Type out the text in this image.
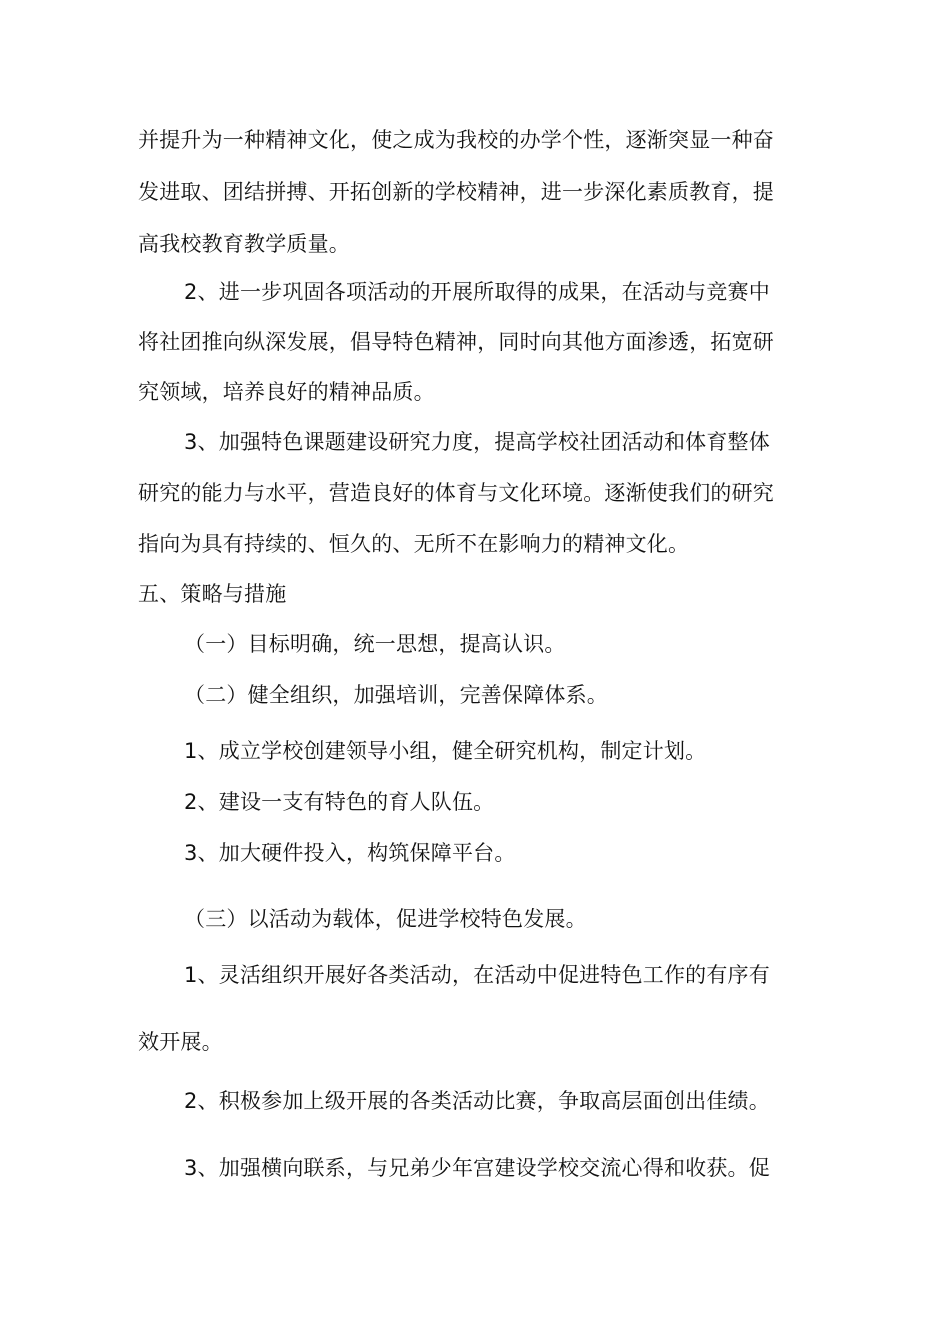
并提升为一种精神文化，使之成为我校的办学个性，逐渐突显一种奋
发进取、团结拼搏、开拓创新的学校精神，进一步深化素质教育，提
高我校教育教学质量。
2、进一步巩固各项活动的开展所取得的成果，在活动与竞赛中
将社团推向纵深发展，倡导特色精神，同时向其他方面渗透，拓宽研
究领域，培养良好的精神品质。
3、加强特色课题建设研究力度，提高学校社团活动和体育整体
研究的能力与水平，营造良好的体育与文化环境。逐渐使我们的研究
指向为具有持续的、恒久的、无所不在影响力的精神文化。
五、策略与措施
（一）目标明确，统一思想，提高认识。
（二）健全组织，加强培训，完善保障体系。
1、成立学校创建领导小组，健全研究机构，制定计划。
2、建设一支有特色的育人队伍。
3、加大硬件投入，构筑保障平台。
（三）以活动为载体，促进学校特色发展。
1、灵活组织开展好各类活动，在活动中促进特色工作的有序有
效开展。
2、积极参加上级开展的各类活动比赛，争取高层面创出佳绩。
3、加强横向联系，与兄弟少年宫建设学校交流心得和收获。促
